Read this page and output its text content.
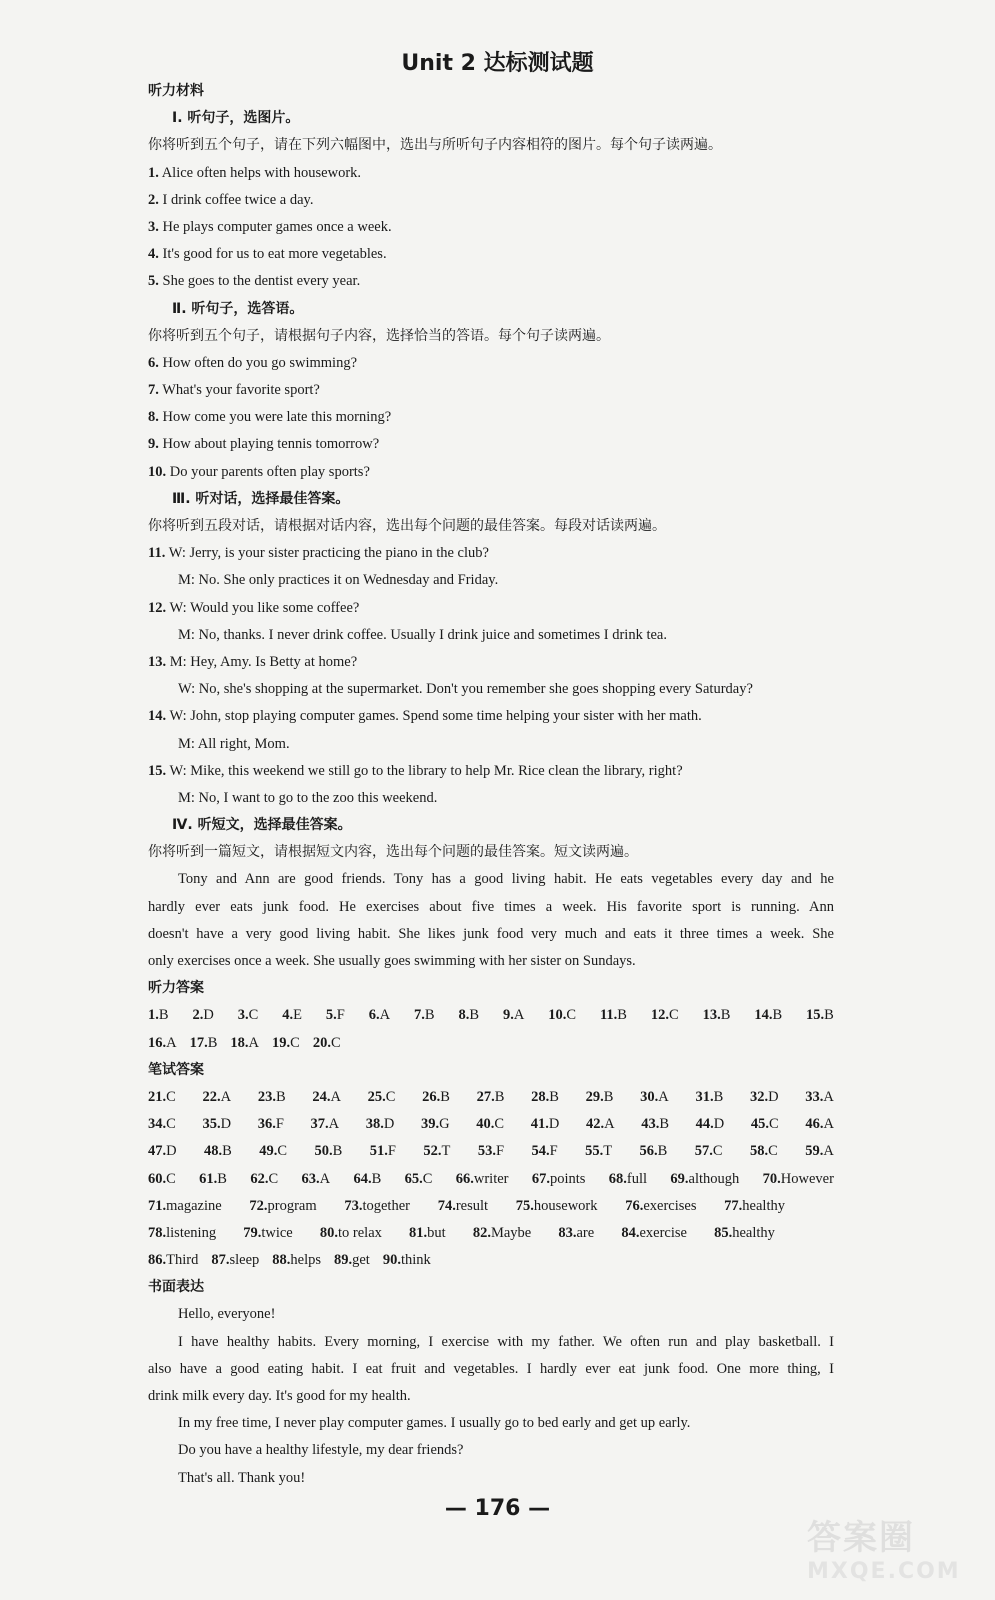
Unit 2 达标测试题
听力材料
Ⅰ. 听句子，选图片。
你将听到五个句子，请在下列六幅图中，选出与所听句子内容相符的图片。每个句子读两遍。
1. Alice often helps with housework.
2. I drink coffee twice a day.
3. He plays computer games once a week.
4. It's good for us to eat more vegetables.
5. She goes to the dentist every year.
Ⅱ. 听句子，选答语。
你将听到五个句子，请根据句子内容，选择恰当的答语。每个句子读两遍。
6. How often do you go swimming?
7. What's your favorite sport?
8. How come you were late this morning?
9. How about playing tennis tomorrow?
10. Do your parents often play sports?
Ⅲ. 听对话，选择最佳答案。
你将听到五段对话，请根据对话内容，选出每个问题的最佳答案。每段对话读两遍。
11. W: Jerry, is your sister practicing the piano in the club?
M: No. She only practices it on Wednesday and Friday.
12. W: Would you like some coffee?
M: No, thanks. I never drink coffee. Usually I drink juice and sometimes I drink tea.
13. M: Hey, Amy. Is Betty at home?
W: No, she's shopping at the supermarket. Don't you remember she goes shopping every Saturday?
14. W: John, stop playing computer games. Spend some time helping your sister with her math.
M: All right, Mom.
15. W: Mike, this weekend we still go to the library to help Mr. Rice clean the library, right?
M: No, I want to go to the zoo this weekend.
Ⅳ. 听短文，选择最佳答案。
你将听到一篇短文，请根据短文内容，选出每个问题的最佳答案。短文读两遍。
Tony and Ann are good friends. Tony has a good living habit. He eats vegetables every day and he
hardly ever eats junk food. He exercises about five times a week. His favorite sport is running. Ann
doesn't have a very good living habit. She likes junk food very much and eats it three times a week. She
only exercises once a week. She usually goes swimming with her sister on Sundays.
听力答案
1.B 2.D 3.C 4.E 5.F 6.A 7.B 8.B 9.A 10.C 11.B 12.C 13.B 14.B 15.B
16.A 17.B 18.A 19.C 20.C
笔试答案
21.C 22.A 23.B 24.A 25.C 26.B 27.B 28.B 29.B 30.A 31.B 32.D 33.A
34.C 35.D 36.F 37.A 38.D 39.G 40.C 41.D 42.A 43.B 44.D 45.C 46.A
47.D 48.B 49.C 50.B 51.F 52.T 53.F 54.F 55.T 56.B 57.C 58.C 59.A
60.C 61.B 62.C 63.A 64.B 65.C 66.writer 67.points 68.full 69.although 70.However
71.magazine 72.program 73.together 74.result 75.housework 76.exercises 77.healthy
78.listening 79.twice 80.to relax 81.but 82.Maybe 83.are 84.exercise 85.healthy
86.Third 87.sleep 88.helps 89.get 90.think
书面表达
Hello, everyone!
I have healthy habits. Every morning, I exercise with my father. We often run and play basketball. I
also have a good eating habit. I eat fruit and vegetables. I hardly ever eat junk food. One more thing, I
drink milk every day. It's good for my health.
In my free time, I never play computer games. I usually go to bed early and get up early.
Do you have a healthy lifestyle, my dear friends?
That's all. Thank you!
— 176 —
答案圈
MXQE.COM
